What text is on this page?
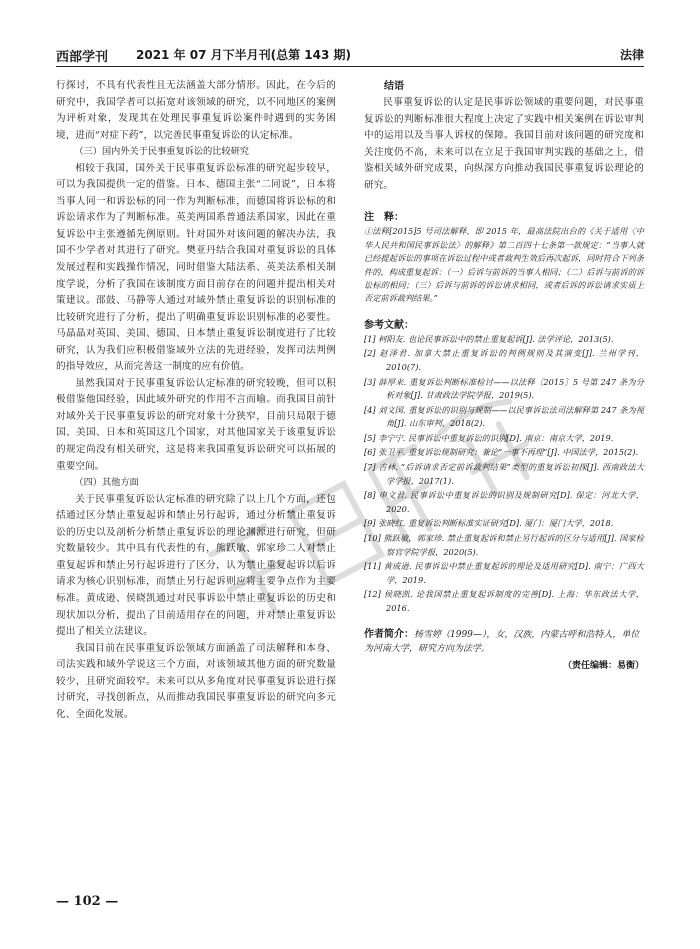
西部学刊 2021 年 07 月下半月刊(总第 143 期)	法律

行探讨，不具有代表性且无法涵盖大部分情形。因此，在今后的研究中，我国学者可以拓宽对该领域的研究，以不同地区的案例为评析对象，发现其在处理民事重复诉讼案件时遇到的实务困境，进而“对症下药”，以完善民事重复诉讼的认定标准。

（三）国内外关于民事重复诉讼的比较研究

相较于我国，国外关于民事重复诉讼标准的研究起步较早，可以为我国提供一定的借鉴。日本、德国主张“二同说”，日本将当事人同一和诉讼标的同一作为判断标准，而德国将诉讼标的和诉讼请求作为了判断标准。英美两国系普通法系国家，因此在重复诉讼中主张遵循先例原则。针对国外对该问题的解决办法，我国不少学者对其进行了研究。樊亚丹结合我国对重复诉讼的具体发展过程和实践操作情况，同时借鉴大陆法系、英美法系相关制度学说，分析了我国在该制度方面目前存在的问题并提出相关对策建议。邵鼓、马静等人通过对域外禁止重复诉讼的识别标准的比较研究进行了分析，提出了明确重复诉讼识别标准的必要性。马晶晶对英国、美国、德国、日本禁止重复诉讼制度进行了比较研究，认为我们应积极借鉴域外立法的先进经验，发挥司法判例的指导效应，从而完善这一制度的应有价值。

虽然我国对于民事重复诉讼认定标准的研究较晚，但可以积极借鉴他国经验，因此域外研究的作用不言而喻。而我国目前针对域外关于民事重复诉讼的研究对象十分狭窄，目前只局限于德国、美国、日本和英国这几个国家，对其他国家关于该重复诉讼的规定尚没有相关研究，这是将来我国重复诉讼研究可以拓展的重要空间。

（四）其他方面

关于民事重复诉讼认定标准的研究除了以上几个方面，还包括通过区分禁止重复起诉和禁止另行起诉，通过分析禁止重复诉讼的历史以及剖析分析禁止重复诉讼的理论渊源进行研究，但研究数量较少。其中具有代表性的有，熊跃敏、郭家珍二人对禁止重复起诉和禁止另行起诉进行了区分，认为禁止重复起诉以后诉请求为核心识别标准，而禁止另行起诉则应将主要争点作为主要标准。黄成逊、侯晓凯通过对民事诉讼中禁止重复诉讼的历史和现状加以分析，提出了目前适用存在的问题，并对禁止重复诉讼提出了相关立法建议。

我国目前在民事重复诉讼领域方面涵盖了司法解释和本身、司法实践和域外学说这三个方面，对该领域其他方面的研究数量较少，且研究面较窄。未来可以从多角度对民事重复诉讼进行探讨研究，寻找创新点，从而推动我国民事重复诉讼的研究向多元化、全面化发展。

结语

民事重复诉讼的认定是民事诉讼领域的重要问题，对民事重复诉讼的判断标准很大程度上决定了实践中相关案例在诉讼审判中的运用以及当事人诉权的保障。我国目前对该问题的研究度和关注度仍不高，未来可以在立足于我国审判实践的基础之上，借鉴相关域外研究成果，向纵深方向推动我国民事重复诉讼理论的研究。

注　释：

①法释[2015]5 号司法解释，即 2015 年，最高法院出台的《关于适用〈中华人民共和国民事诉讼法〉的解释》第二百四十七条第一款规定：“当事人就已经提起诉讼的事项在诉讼过程中或者裁判生效后再次起诉，同时符合下列条件的，构成重复起诉：（一）后诉与前诉的当事人相同；（二）后诉与前诉的诉讼标的相同；（三）后诉与前诉的诉讼请求相同，或者后诉的诉讼请求实质上否定前诉裁判结果。”

参考文献：

[1] 柯阳友. 也论民事诉讼中的禁止重复起诉[J]. 法学评论，2013(5).

[2] 赵泽君. 加拿大禁止重复诉讼的判例规则及其演变[J]. 兰州学刊，2010(7).

[3] 薛厚来. 重复诉讼判断标准检讨——以法释〔2015〕5 号第 247 条为分析对象[J]. 甘肃政法学院学报，2019(5).

[4] 刘文国. 重复诉讼的识别与规制——以民事诉讼法司法解释第 247 条为视角[J]. 山东审判，2018(2).

[5] 李宁宁. 民事诉讼中重复诉讼的识别[D]. 南京：南京大学，2019.

[6] 张卫平. 重复诉讼规制研究：兼论“一事不再理”[J]. 中国法学，2015(2).

[7] 吉林. “后诉请求否定前诉裁判结果”类型的重复诉讼初探[J]. 西南政法大学学报，2017(1).

[8] 申文君. 民事诉讼中重复诉讼的识别及规制研究[D]. 保定：河北大学，2020.

[9] 张晓红. 重复诉讼判断标准实证研究[D]. 厦门：厦门大学，2018.

[10] 熊跃敏，郭家珍. 禁止重复起诉和禁止另行起诉的区分与适用[J]. 国家检察官学院学报，2020(5).

[11] 黄成逊. 民事诉讼中禁止重复起诉的理论及适用研究[D]. 南宁：广西大学，2019.

[12] 侯晓凯. 论我国禁止重复起诉制度的完善[D]. 上海：华东政法大学，2016.

作者简介：杨雪婷（1999—），女，汉族，内蒙古呼和浩特人，单位为河南大学，研究方向为法学。

（责任编辑：易衡）
— 102 —
